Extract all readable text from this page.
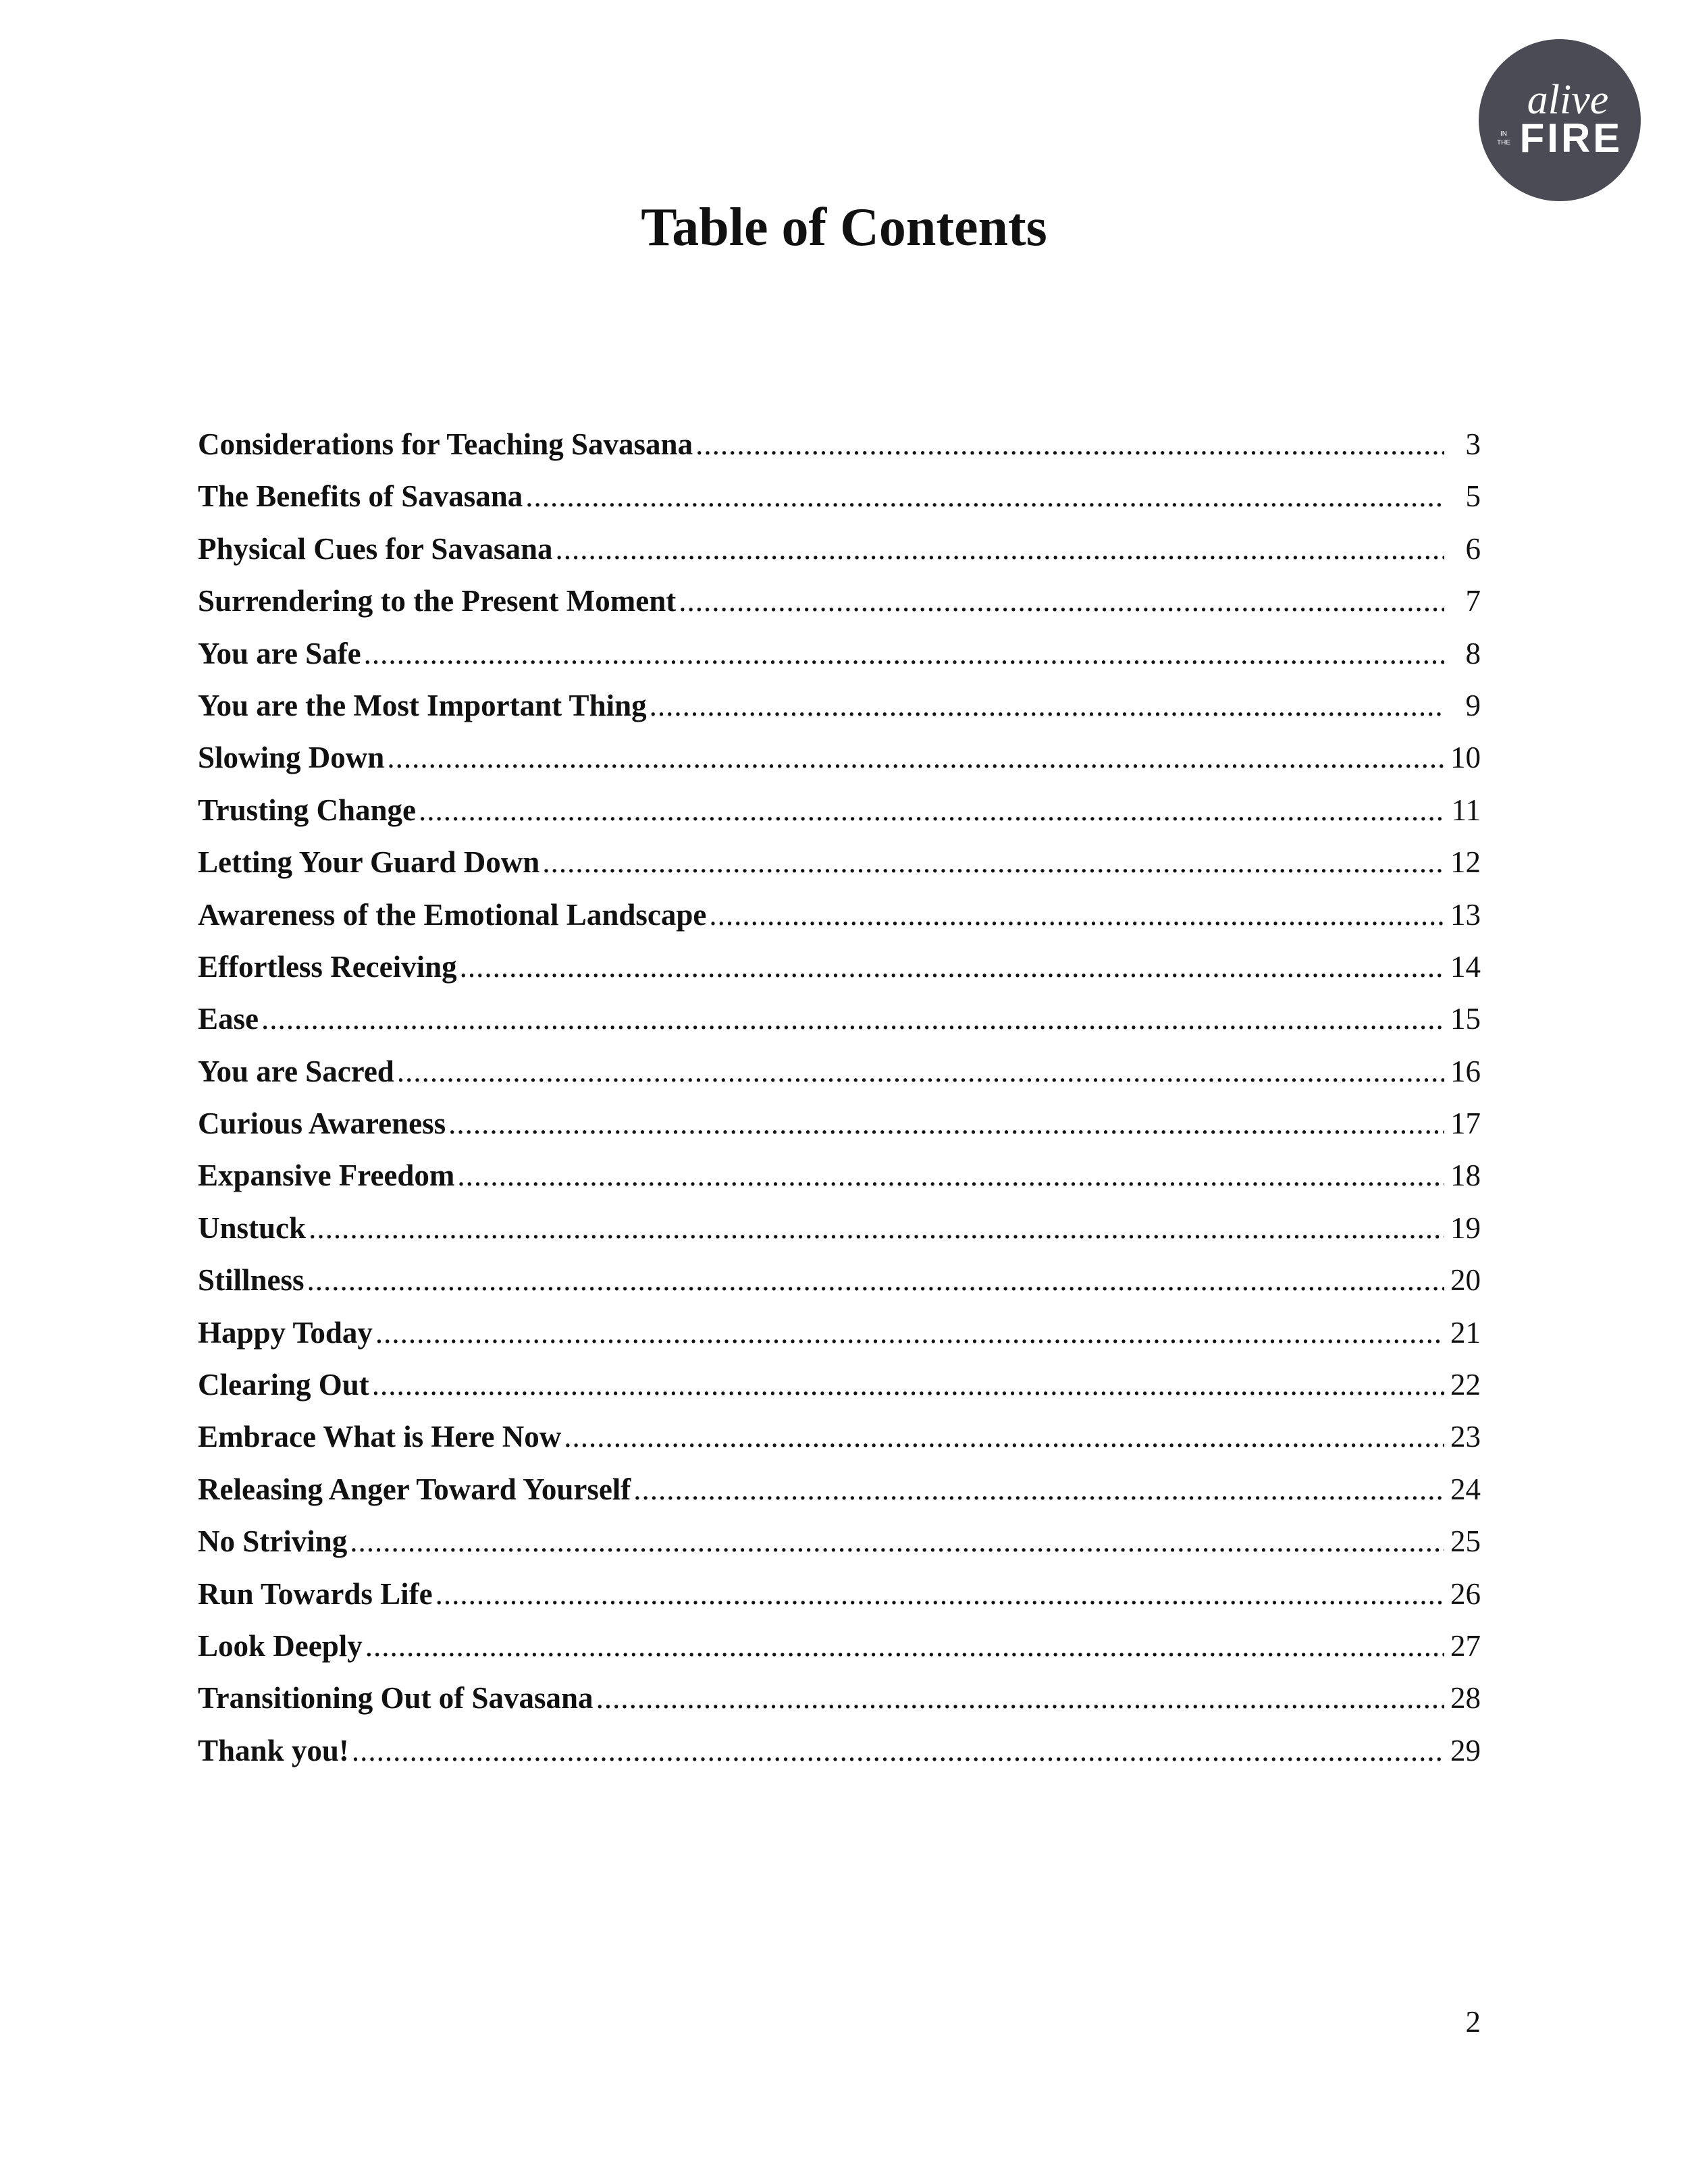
alive
IN
THE FIRE
Table of Contents
Considerations for Teaching Savasana .....	3
The Benefits of Savasana .....	5
Physical Cues for Savasana .....	6
Surrendering to the Present Moment .....	7
You are Safe .....	8
You are the Most Important Thing .....	9
Slowing Down .....	10
Trusting Change .....	11
Letting Your Guard Down .....	12
Awareness of the Emotional Landscape .....	13
Effortless Receiving .....	14
Ease .....	15
You are Sacred .....	16
Curious Awareness .....	17
Expansive Freedom .....	18
Unstuck .....	19
Stillness .....	20
Happy Today .....	21
Clearing Out .....	22
Embrace What is Here Now .....	23
Releasing Anger Toward Yourself .....	24
No Striving .....	25
Run Towards Life .....	26
Look Deeply .....	27
Transitioning Out of Savasana .....	28
Thank you! .....	29
2
